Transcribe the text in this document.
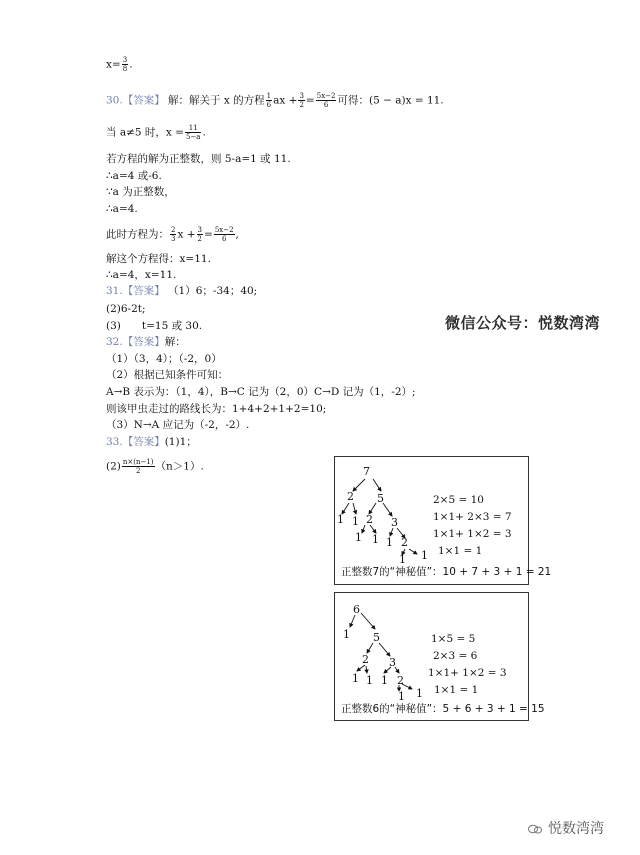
$x= \frac{3}{8}$ .
30.【答案】 解：解关于 x 的方程 $\frac{1}{6}$ ax + $\frac{3}{2} = \frac{5x-2}{6}$ 可得：(5 − a)x = 11.
当 a≠5 时，$x = \frac{11}{5-a}$ .
若方程的解为正整数，则 5-a=1 或 11.
∴a=4 或-6.
∵a 为正整数，
∴a=4.
此时方程为： $\frac{2}{3}$ $x + \frac{3}{2} = \frac{5x-2}{6}$ ,
解这个方程得：x=11.
∴a=4，x=11.
31.【答案】 （1）6；-34；40;
(2)6-2t;
(3)　　t=15 或 30.
32.【答案】解：
（1）（3，4）；（-2，0）
（2）根据已知条件可知：
A→B 表示为：（1，4），B→C 记为（2，0）C→D 记为（1，-2）;
则该甲虫走过的路线长为：1+4+2+1+2=10;
（3）N→A 应记为（-2，-2）.
33.【答案】(1)1；
$(2) \frac{n\times(n-1)}{2} (n>1)$.
微信公众号：悦数湾湾
7
2 5
1 1 2 3
1 1 1 2
1 1
2×5 = 10
1×1+ 2×3 = 7
1×1+ 1×2 = 3
1×1 = 1
正整数7的“神秘值”：10 + 7 + 3 + 1 = 21
6
1 5
2 3
1 1 1 2
1 1
1×5 = 5
2×3 = 6
1×1+ 1×2 = 3
1×1 = 1
正整数6的“神秘值”：5 + 6 + 3 + 1 = 15
悦数湾湾
